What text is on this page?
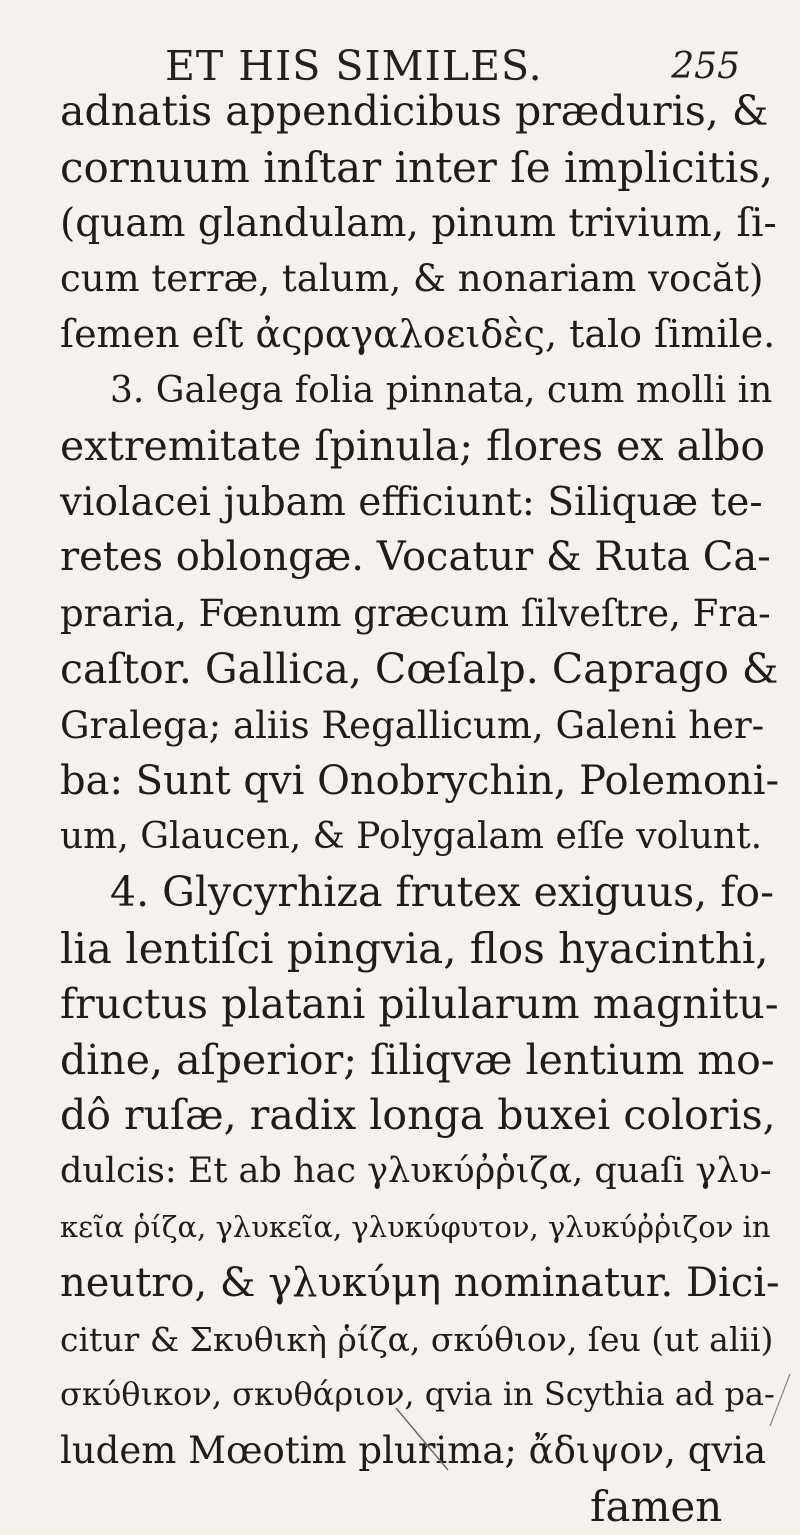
ET HIS SIMILES.	255
adnatis appendicibus præduris, &
cornuum inſtar inter ſe implicitis,
(quam glandulam, pinum trivium, ſi-
cum terræ, talum, & nonariam vocăt)
ſemen eſt ἀςραγαλοειδὲς, talo ſimile.
3. Galega folia pinnata, cum molli in
extremitate ſpinula; flores ex albo
violacei jubam efficiunt: Siliquæ te-
retes oblongæ. Vocatur & Ruta Ca-
praria, Fœnum græcum ſilveſtre, Fra-
caſtor. Gallica, Cœſalp. Caprago &
Gralega; aliis Regallicum, Galeni her-
ba: Sunt qvi Onobrychin, Polemoni-
um, Glaucen, & Polygalam eſſe volunt.
4. Glycyrhiza frutex exiguus, fo-
lia lentiſci pingvia, flos hyacinthi,
fructus platani pilularum magnitu-
dine, aſperior; ſiliqvæ lentium mo-
dô ruſæ, radix longa buxei coloris,
dulcis: Et ab hac γλυκύῤῥιζα, quaſi γλυ-
κεῖα ῥίζα, γλυκεῖα, γλυκύφυτον, γλυκύῤῥιζον in
neutro, & γλυκύμη nominatur. Dici-
citur & Σκυθικὴ ῥίζα, σκύθιον, ſeu (ut alii)
σκύθικον, σκυθάριον, qvia in Scythia ad pa-
ludem Mœotim plurima; ἄδιψον, qvia
famen
